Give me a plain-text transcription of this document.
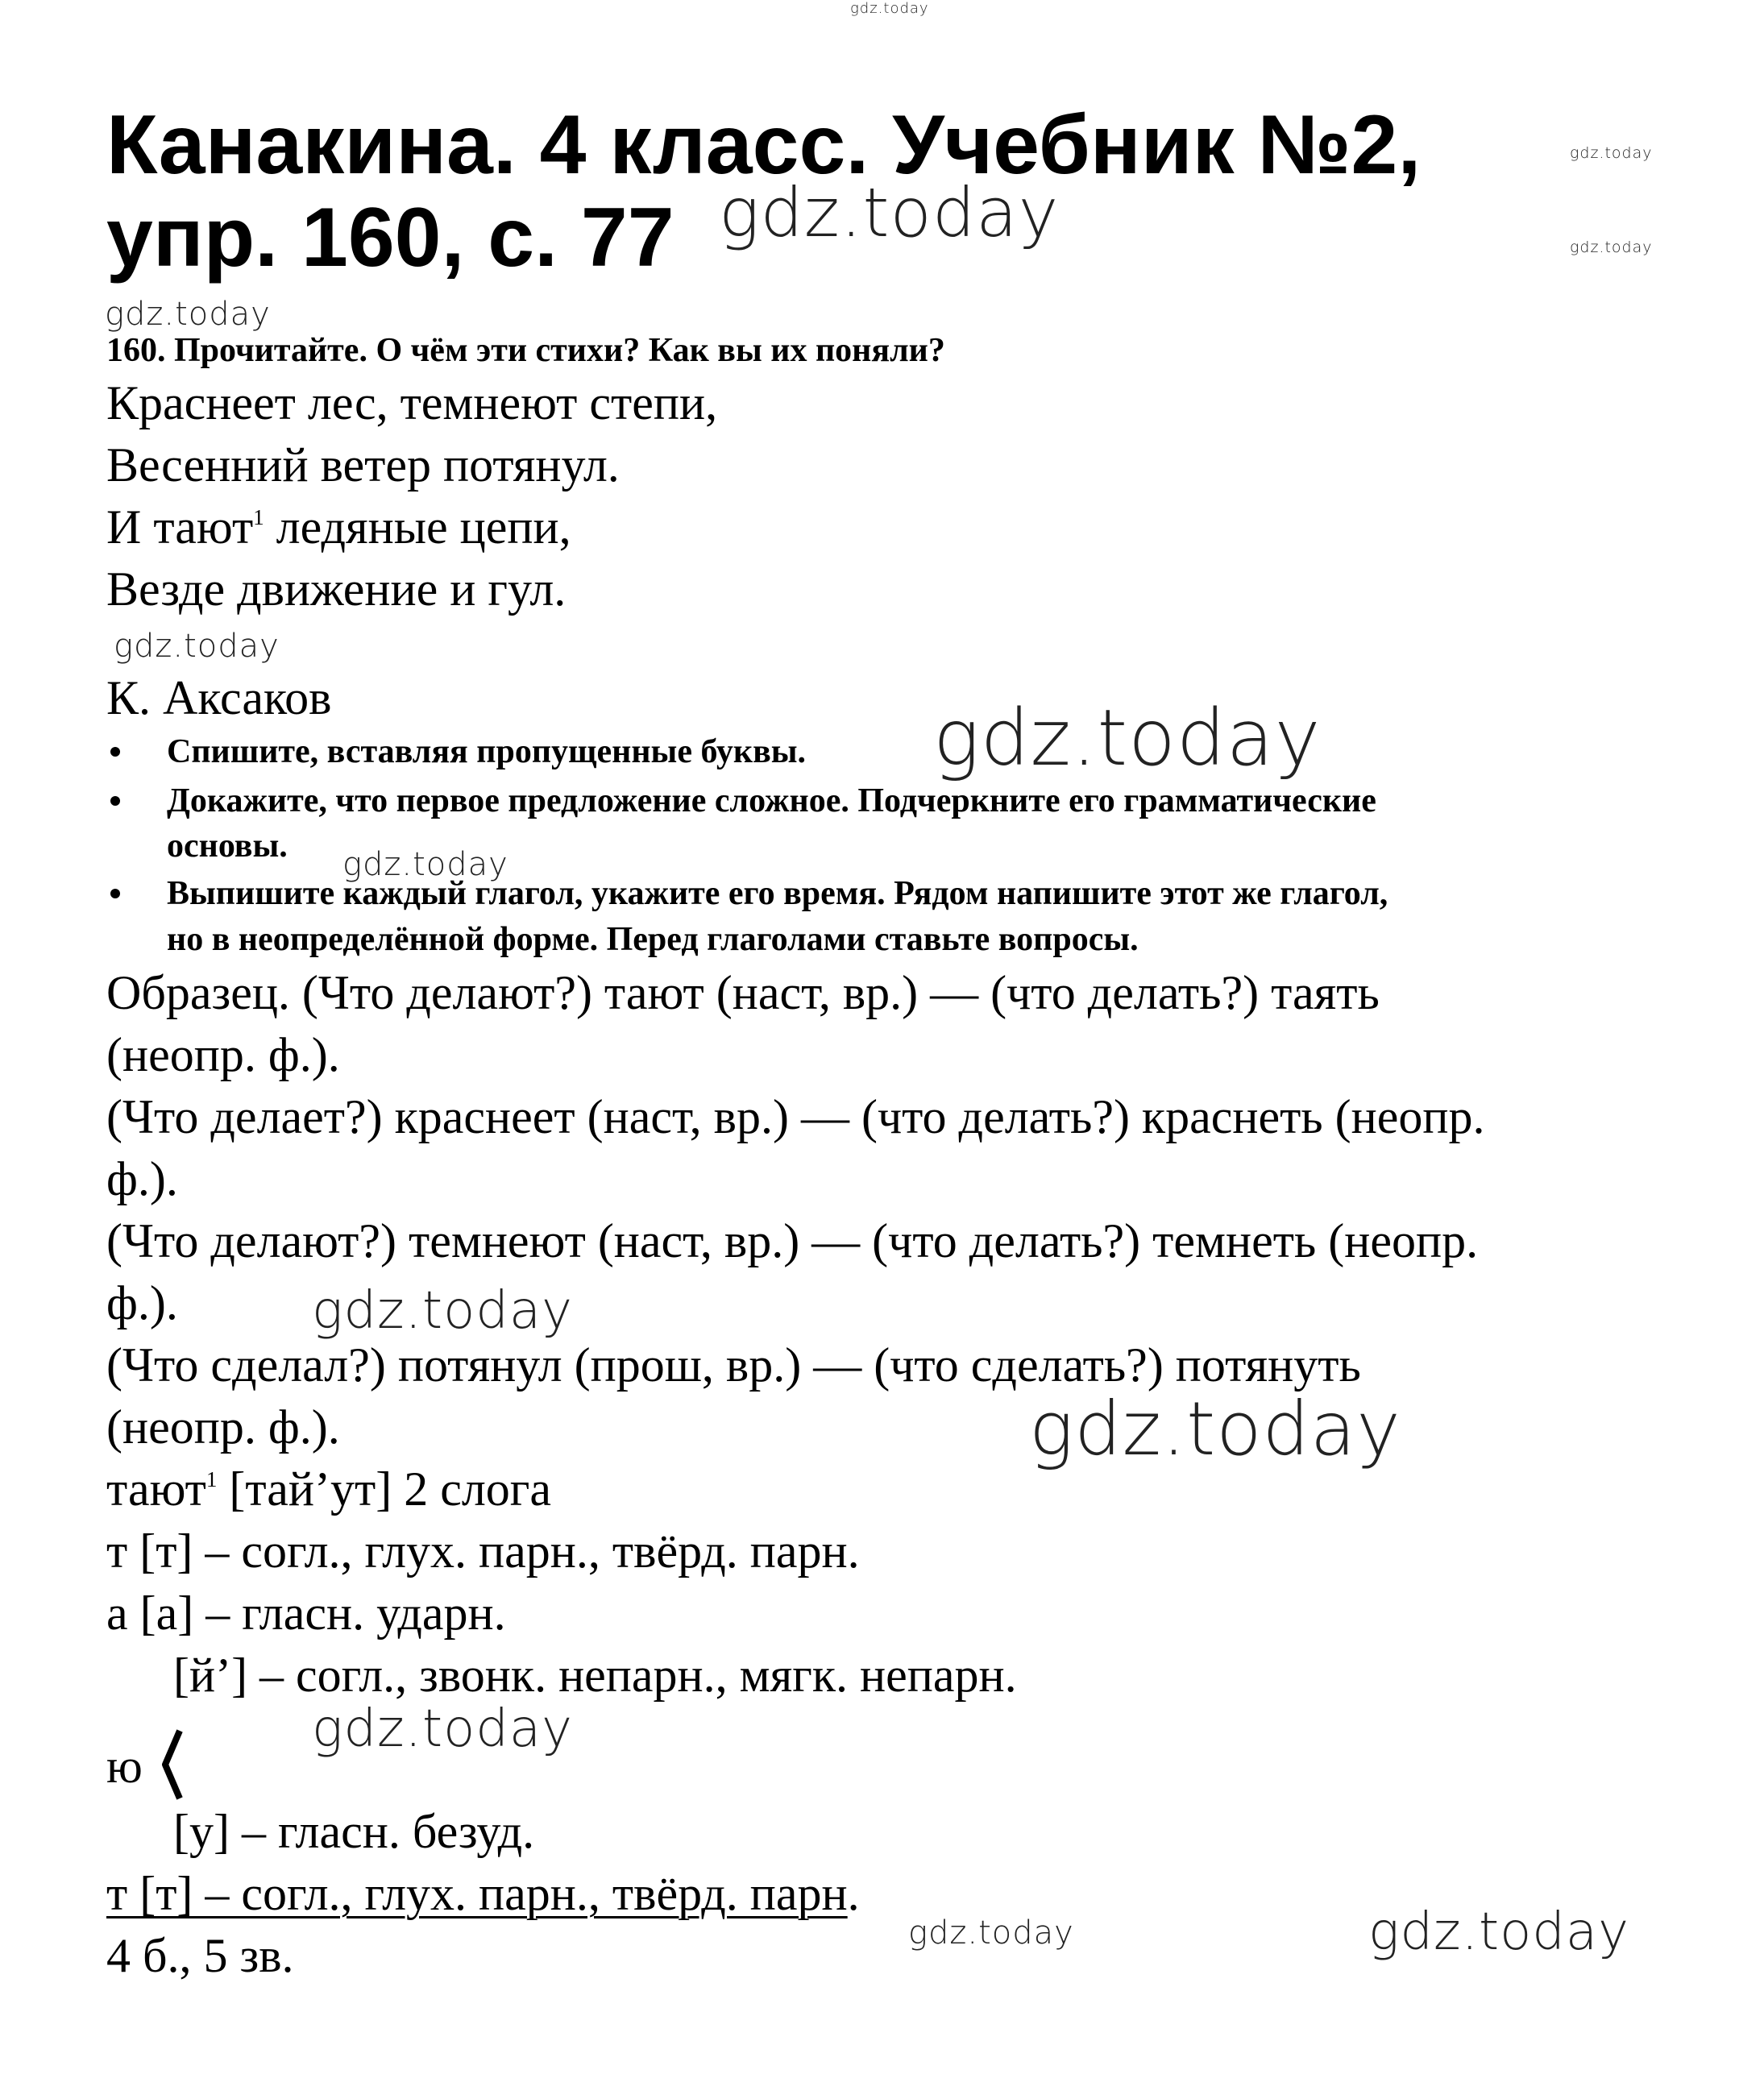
Канакина. 4 класс. Учебник №2,
упр. 160, с. 77
gdz.today
gdz.today
gdz.today
gdz.today
gdz.today
gdz.today
gdz.today
gdz.today
gdz.today
gdz.today
gdz.today
gdz.today	gdz.today
160. Прочитайте. О чём эти стихи? Как вы их поняли?
Краснеет лес, темнеют степи,
Весенний ветер потянул.
И тают$^1$ ледяные цепи,
Везде движение и гул.
К. Аксаков
Спишите, вставляя пропущенные буквы.
Докажите, что первое предложение сложное. Подчеркните его грамматические
основы.
Выпишите каждый глагол, укажите его время. Рядом напишите этот же глагол,
но в неопределённой форме. Перед глаголами ставьте вопросы.
Образец. (Что делают?) тают (наст, вр.) — (что делать?) таять
(неопр. ф.).
(Что делает?) краснеет (наст, вр.) — (что делать?) краснеть (неопр.
ф.).
(Что делают?) темнеют (наст, вр.) — (что делать?) темнеть (неопр.
ф.).
(Что сделал?) потянул (прош, вр.) — (что сделать?) потянуть
(неопр. ф.).
тают$^1$ [тай’ут] 2 слога
т [т] – согл., глух. парн., твёрд. парн.
а [а] – гласн. ударн.
[й’] – согл., звонк. непарн., мягк. непарн.
ю
[у] – гласн. безуд.
т [т] – согл., глух. парн., твёрд. парн.
4 б., 5 зв.
